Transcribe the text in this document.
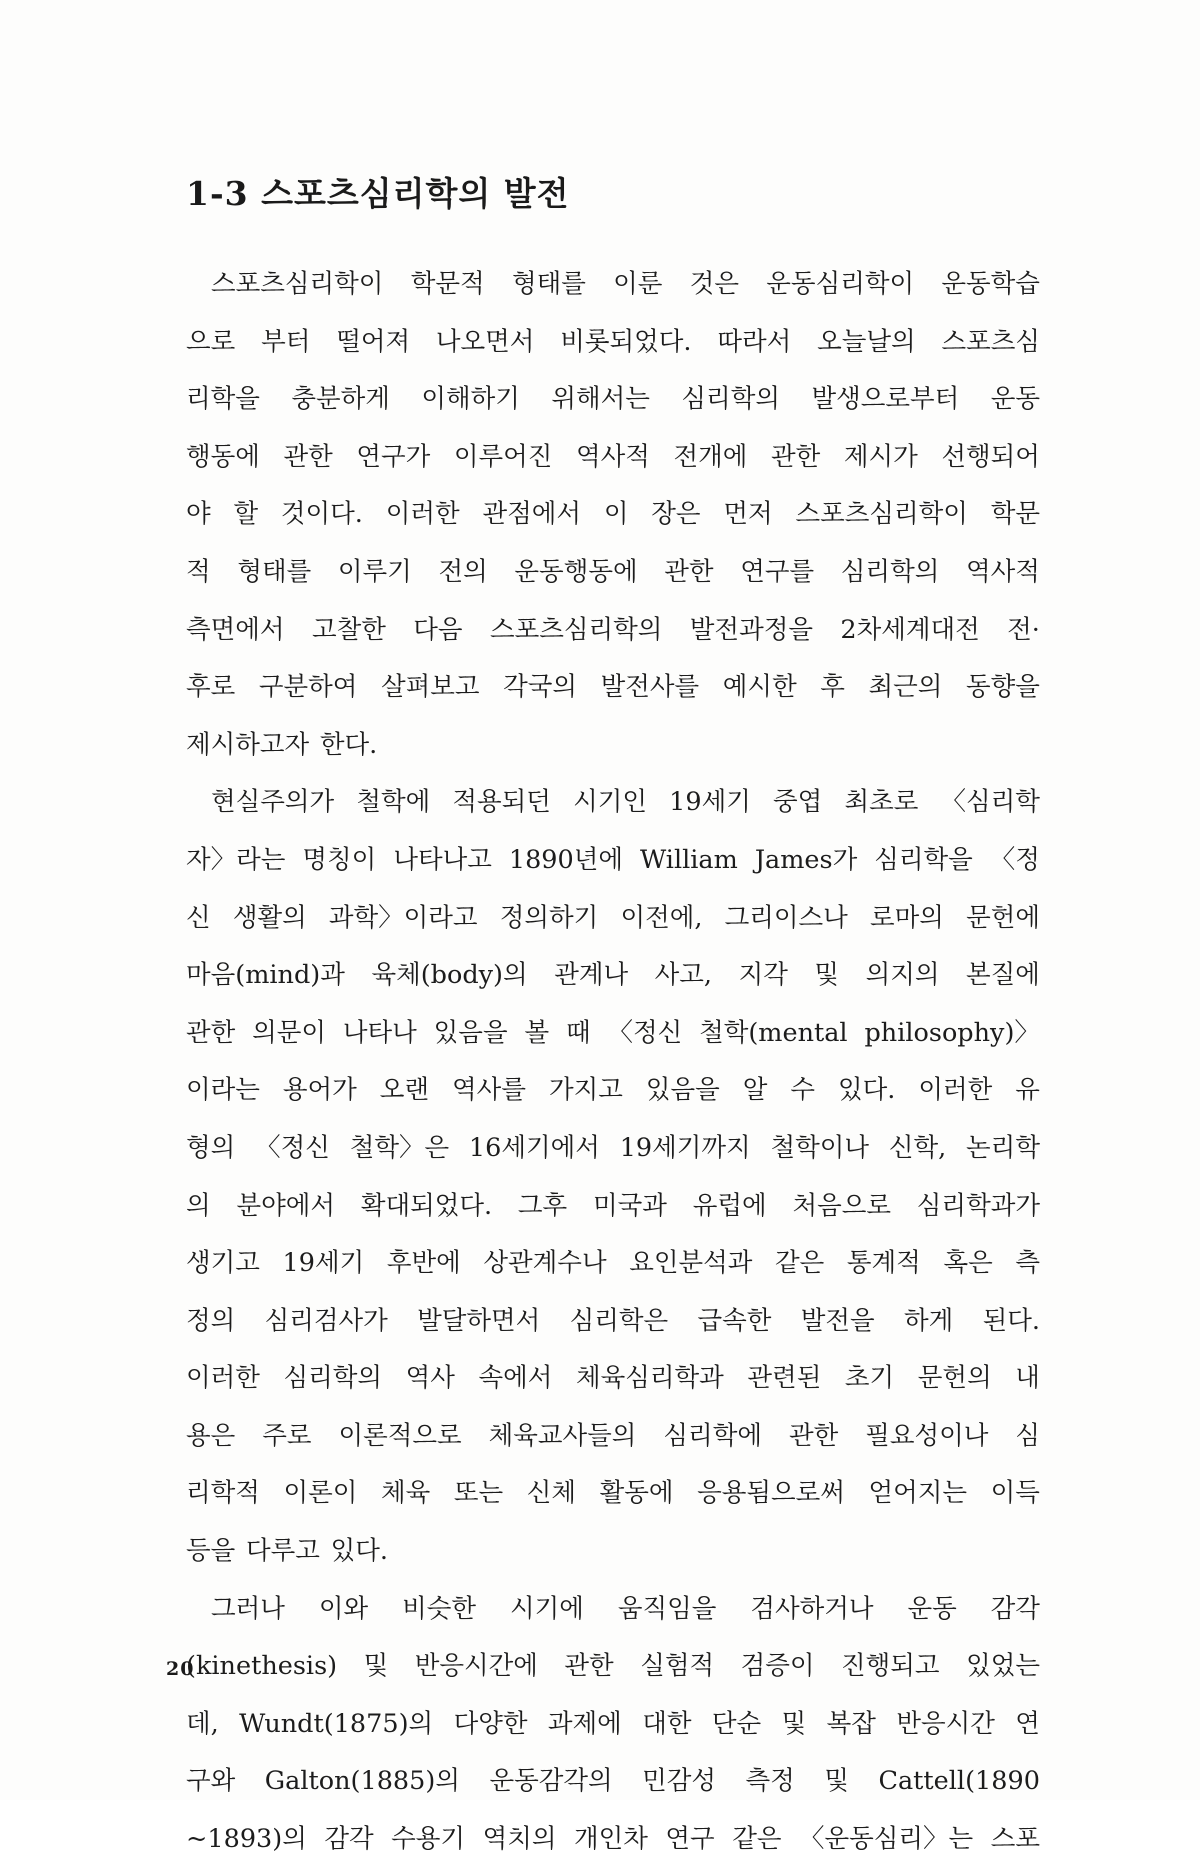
1-3 스포츠심리학의 발전
스포츠심리학이 학문적 형태를 이룬 것은 운동심리학이 운동학습
으로 부터 떨어져 나오면서 비롯되었다. 따라서 오늘날의 스포츠심
리학을 충분하게 이해하기 위해서는 심리학의 발생으로부터 운동
행동에 관한 연구가 이루어진 역사적 전개에 관한 제시가 선행되어
야 할 것이다. 이러한 관점에서 이 장은 먼저 스포츠심리학이 학문
적 형태를 이루기 전의 운동행동에 관한 연구를 심리학의 역사적
측면에서 고찰한 다음 스포츠심리학의 발전과정을 2차세계대전 전·
후로 구분하여 살펴보고 각국의 발전사를 예시한 후 최근의 동향을
제시하고자 한다.
현실주의가 철학에 적용되던 시기인 19세기 중엽 최초로 〈심리학
자〉라는 명칭이 나타나고 1890년에 William James가 심리학을 〈정
신 생활의 과학〉이라고 정의하기 이전에, 그리이스나 로마의 문헌에
마음(mind)과 육체(body)의 관계나 사고, 지각 및 의지의 본질에
관한 의문이 나타나 있음을 볼 때 〈정신 철학(mental philosophy)〉
이라는 용어가 오랜 역사를 가지고 있음을 알 수 있다. 이러한 유
형의 〈정신 철학〉은 16세기에서 19세기까지 철학이나 신학, 논리학
의 분야에서 확대되었다. 그후 미국과 유럽에 처음으로 심리학과가
생기고 19세기 후반에 상관계수나 요인분석과 같은 통계적 혹은 측
정의 심리검사가 발달하면서 심리학은 급속한 발전을 하게 된다.
이러한 심리학의 역사 속에서 체육심리학과 관련된 초기 문헌의 내
용은 주로 이론적으로 체육교사들의 심리학에 관한 필요성이나 심
리학적 이론이 체육 또는 신체 활동에 응용됨으로써 얻어지는 이득
등을 다루고 있다.
그러나 이와 비슷한 시기에 움직임을 검사하거나 운동 감각
(kinethesis) 및 반응시간에 관한 실험적 검증이 진행되고 있었는
데, Wundt(1875)의 다양한 과제에 대한 단순 및 복잡 반응시간 연
구와 Galton(1885)의 운동감각의 민감성 측정 및 Cattell(1890
~1893)의 감각 수용기 역치의 개인차 연구 같은 〈운동심리〉는 스포
20
